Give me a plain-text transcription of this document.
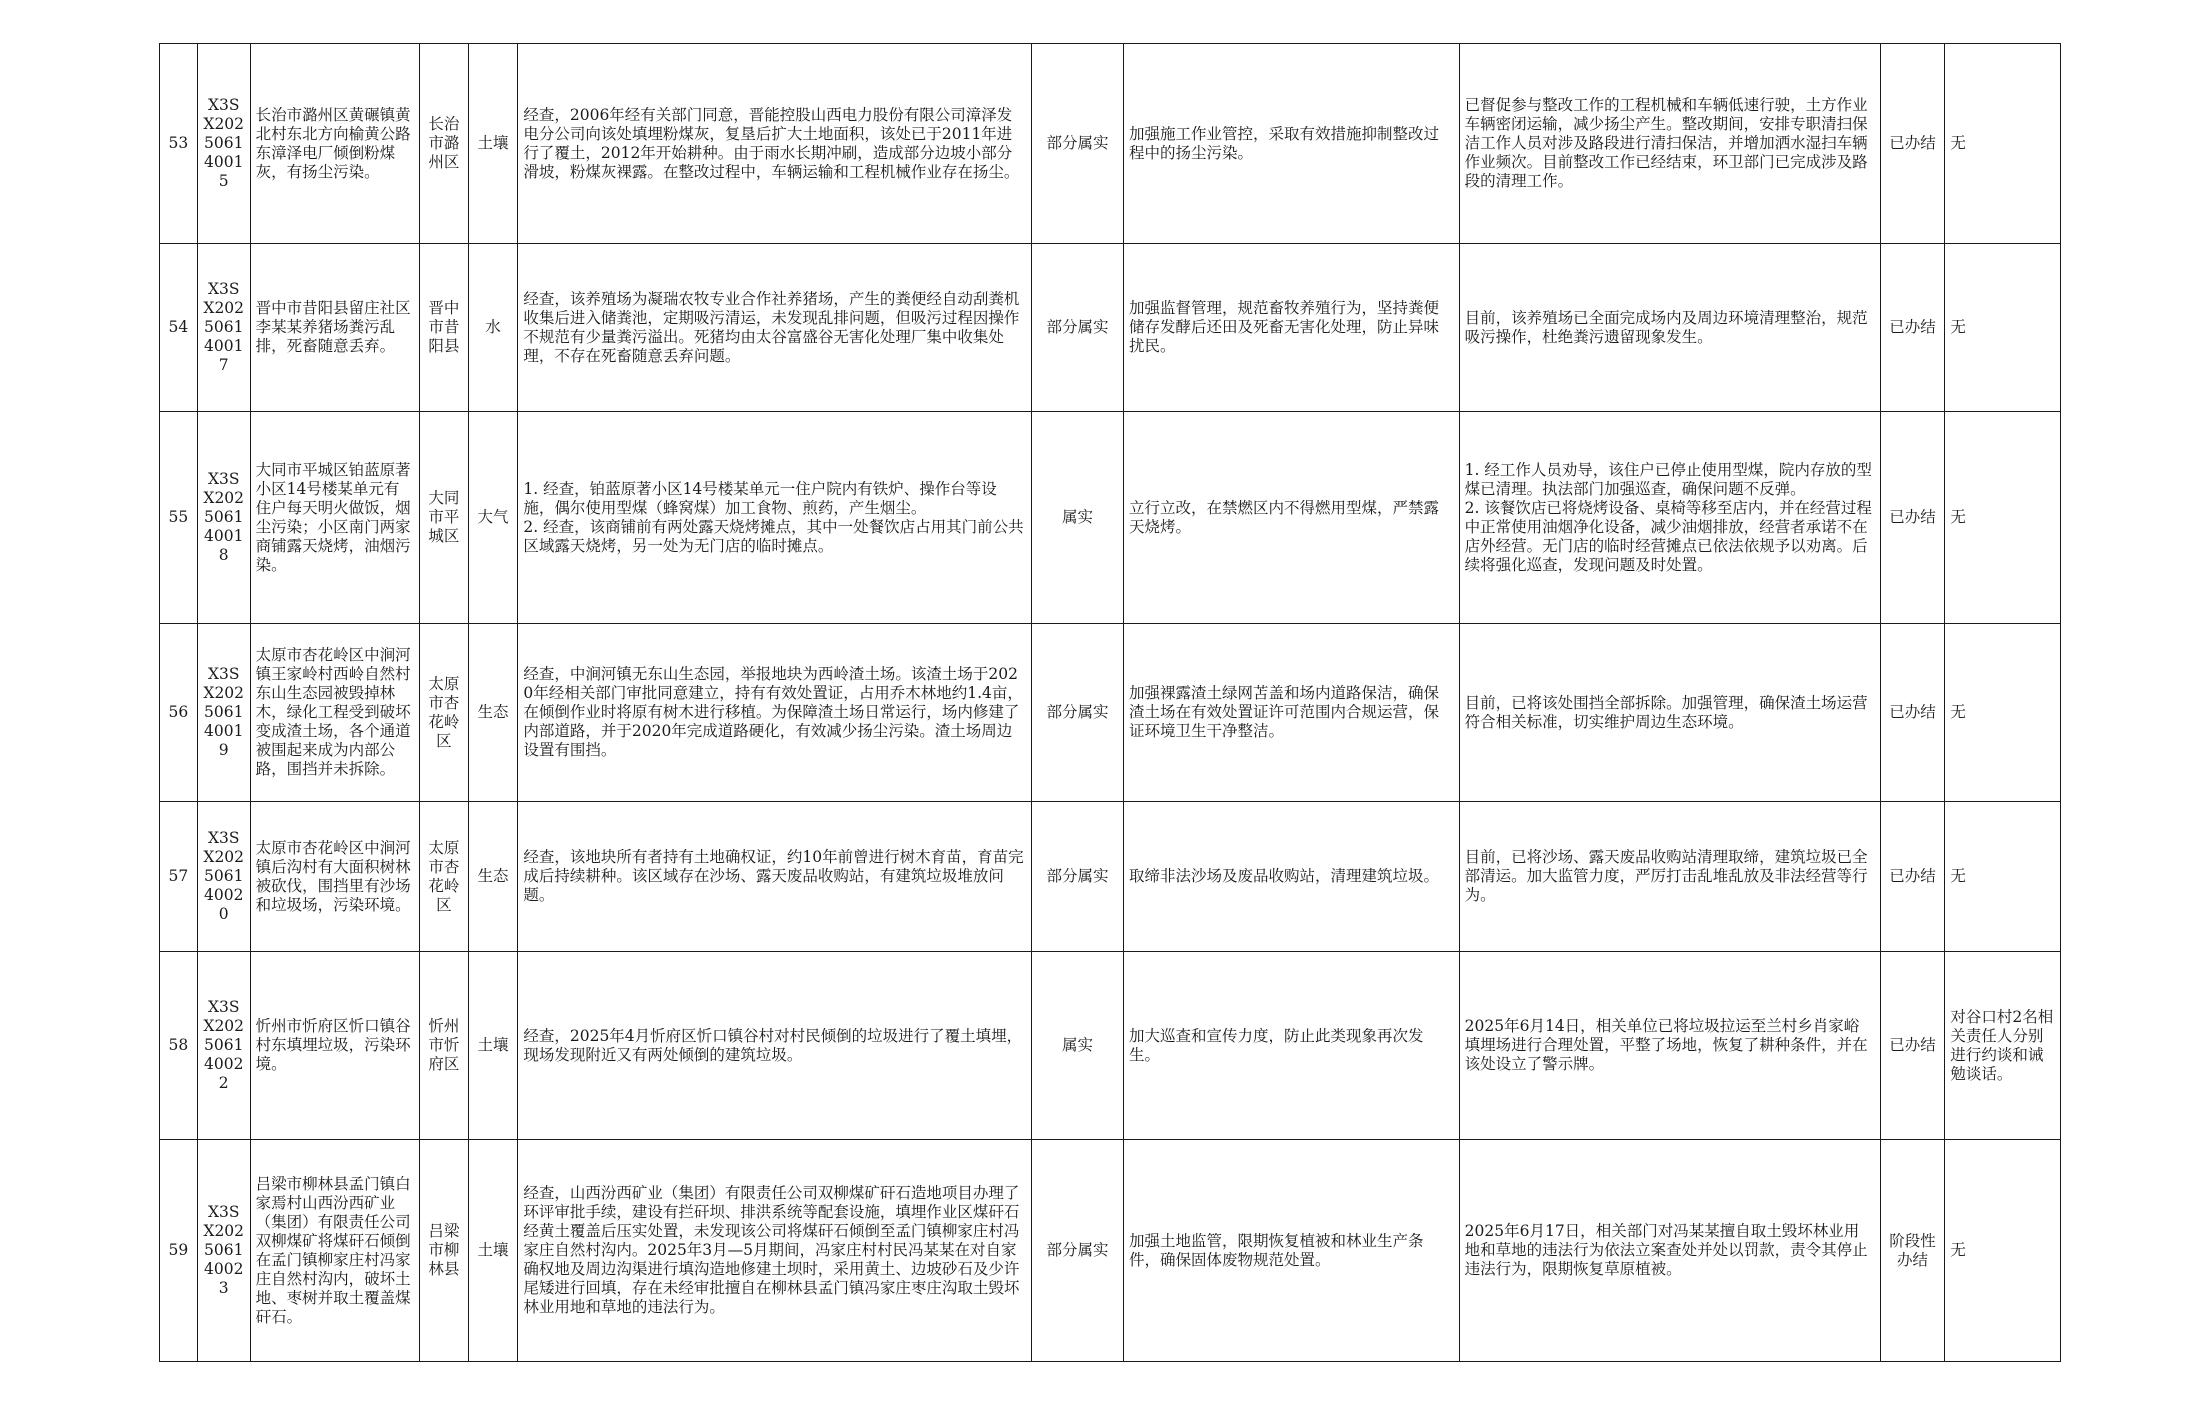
53	X3SX202506140015	长治市潞州区黄碾镇黄北村东北方向榆黄公路东漳泽电厂倾倒粉煤灰，有扬尘污染。	长治市潞州区	土壤	经查，2006年经有关部门同意，晋能控股山西电力股份有限公司漳泽发电分公司向该处填埋粉煤灰，复垦后扩大土地面积，该处已于2011年进行了覆土，2012年开始耕种。由于雨水长期冲刷，造成部分边坡小部分滑坡，粉煤灰裸露。在整改过程中，车辆运输和工程机械作业存在扬尘。	部分属实	加强施工作业管控，采取有效措施抑制整改过程中的扬尘污染。	已督促参与整改工作的工程机械和车辆低速行驶，土方作业车辆密闭运输，减少扬尘产生。整改期间，安排专职清扫保洁工作人员对涉及路段进行清扫保洁，并增加洒水湿扫车辆作业频次。目前整改工作已经结束，环卫部门已完成涉及路段的清理工作。	已办结	无
54	X3SX202506140017	晋中市昔阳县留庄社区李某某养猪场粪污乱排，死畜随意丢弃。	晋中市昔阳县	水	经查，该养殖场为凝瑞农牧专业合作社养猪场，产生的粪便经自动刮粪机收集后进入储粪池，定期吸污清运，未发现乱排问题，但吸污过程因操作不规范有少量粪污溢出。死猪均由太谷富盛谷无害化处理厂集中收集处理，不存在死畜随意丢弃问题。	部分属实	加强监督管理，规范畜牧养殖行为，坚持粪便储存发酵后还田及死畜无害化处理，防止异味扰民。	目前，该养殖场已全面完成场内及周边环境清理整治，规范吸污操作，杜绝粪污遗留现象发生。	已办结	无
55	X3SX202506140018	大同市平城区铂蓝原著小区14号楼某单元有住户每天明火做饭，烟尘污染；小区南门两家商铺露天烧烤，油烟污染。	大同市平城区	大气	1. 经查，铂蓝原著小区14号楼某单元一住户院内有铁炉、操作台等设施，偶尔使用型煤（蜂窝煤）加工食物、煎药，产生烟尘。
2. 经查，该商铺前有两处露天烧烤摊点，其中一处餐饮店占用其门前公共区域露天烧烤，另一处为无门店的临时摊点。	属实	立行立改，在禁燃区内不得燃用型煤，严禁露天烧烤。	1. 经工作人员劝导，该住户已停止使用型煤，院内存放的型煤已清理。执法部门加强巡查，确保问题不反弹。
2. 该餐饮店已将烧烤设备、桌椅等移至店内，并在经营过程中正常使用油烟净化设备，减少油烟排放，经营者承诺不在店外经营。无门店的临时经营摊点已依法依规予以劝离。后续将强化巡查，发现问题及时处置。	已办结	无
56	X3SX202506140019	太原市杏花岭区中涧河镇王家岭村西岭自然村东山生态园被毁掉林木，绿化工程受到破坏变成渣土场，各个通道被围起来成为内部公路，围挡并未拆除。	太原市杏花岭区	生态	经查，中涧河镇无东山生态园，举报地块为西岭渣土场。该渣土场于2020年经相关部门审批同意建立，持有有效处置证，占用乔木林地约1.4亩，在倾倒作业时将原有树木进行移植。为保障渣土场日常运行，场内修建了内部道路，并于2020年完成道路硬化，有效减少扬尘污染。渣土场周边设置有围挡。	部分属实	加强裸露渣土绿网苫盖和场内道路保洁，确保渣土场在有效处置证许可范围内合规运营，保证环境卫生干净整洁。	目前，已将该处围挡全部拆除。加强管理，确保渣土场运营符合相关标准，切实维护周边生态环境。	已办结	无
57	X3SX202506140020	太原市杏花岭区中涧河镇后沟村有大面积树林被砍伐，围挡里有沙场和垃圾场，污染环境。	太原市杏花岭区	生态	经查，该地块所有者持有土地确权证，约10年前曾进行树木育苗，育苗完成后持续耕种。该区域存在沙场、露天废品收购站，有建筑垃圾堆放问题。	部分属实	取缔非法沙场及废品收购站，清理建筑垃圾。	目前，已将沙场、露天废品收购站清理取缔，建筑垃圾已全部清运。加大监管力度，严厉打击乱堆乱放及非法经营等行为。	已办结	无
58	X3SX202506140022	忻州市忻府区忻口镇谷村东填埋垃圾，污染环境。	忻州市忻府区	土壤	经查，2025年4月忻府区忻口镇谷村对村民倾倒的垃圾进行了覆土填埋，现场发现附近又有两处倾倒的建筑垃圾。	属实	加大巡查和宣传力度，防止此类现象再次发生。	2025年6月14日，相关单位已将垃圾拉运至兰村乡肖家峪填埋场进行合理处置，平整了场地，恢复了耕种条件，并在该处设立了警示牌。	已办结	对谷口村2名相关责任人分别进行约谈和诫勉谈话。
59	X3SX202506140023	吕梁市柳林县孟门镇白家焉村山西汾西矿业（集团）有限责任公司双柳煤矿将煤矸石倾倒在孟门镇柳家庄村冯家庄自然村沟内，破坏土地、枣树并取土覆盖煤矸石。	吕梁市柳林县	土壤	经查，山西汾西矿业（集团）有限责任公司双柳煤矿矸石造地项目办理了环评审批手续，建设有拦矸坝、排洪系统等配套设施，填埋作业区煤矸石经黄土覆盖后压实处置，未发现该公司将煤矸石倾倒至孟门镇柳家庄村冯家庄自然村沟内。2025年3月—5月期间，冯家庄村村民冯某某在对自家确权地及周边沟渠进行填沟造地修建土坝时，采用黄土、边坡砂石及少许尾矮进行回填，存在未经审批擅自在柳林县孟门镇冯家庄枣庄沟取土毁坏林业用地和草地的违法行为。	部分属实	加强土地监管，限期恢复植被和林业生产条件，确保固体废物规范处置。	2025年6月17日，相关部门对冯某某擅自取土毁坏林业用地和草地的违法行为依法立案查处并处以罚款，责令其停止违法行为，限期恢复草原植被。	阶段性办结	无
